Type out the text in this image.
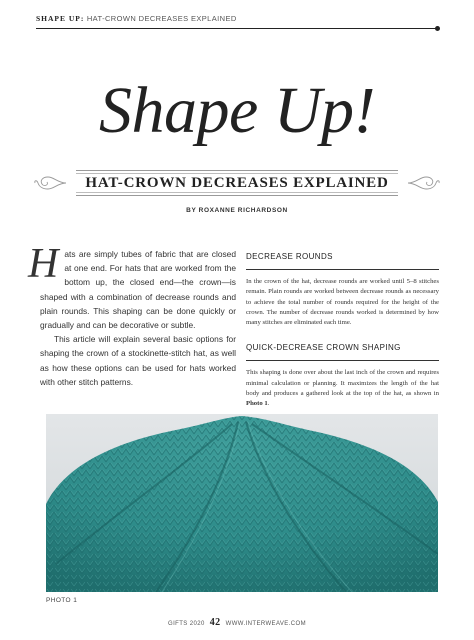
SHAPE UP: HAT-CROWN DECREASES EXPLAINED
Shape Up!
HAT-CROWN DECREASES EXPLAINED
BY ROXANNE RICHARDSON

Hats are simply tubes of fabric that are closed at one end. For hats that are worked from the bottom up, the closed end—the crown—is shaped with a combination of decrease rounds and plain rounds. This shaping can be done quickly or gradually and can be decorative or subtle.

This article will explain several basic options for shaping the crown of a stockinette-stitch hat, as well as how these options can be used for hats worked with other stitch patterns.

DECREASE ROUNDS

In the crown of the hat, decrease rounds are worked until 5–8 stitches remain. Plain rounds are worked between decrease rounds as necessary to achieve the total number of rounds required for the height of the crown. The number of decrease rounds worked is determined by how many stitches are eliminated each time.

QUICK-DECREASE CROWN SHAPING

This shaping is done over about the last inch of the crown and requires minimal calculation or planning. It maximizes the length of the hat body and produces a gathered look at the top of the hat, as shown in Photo 1.

PHOTO 1
GIFTS 2020 42 WWW.INTERWEAVE.COM
